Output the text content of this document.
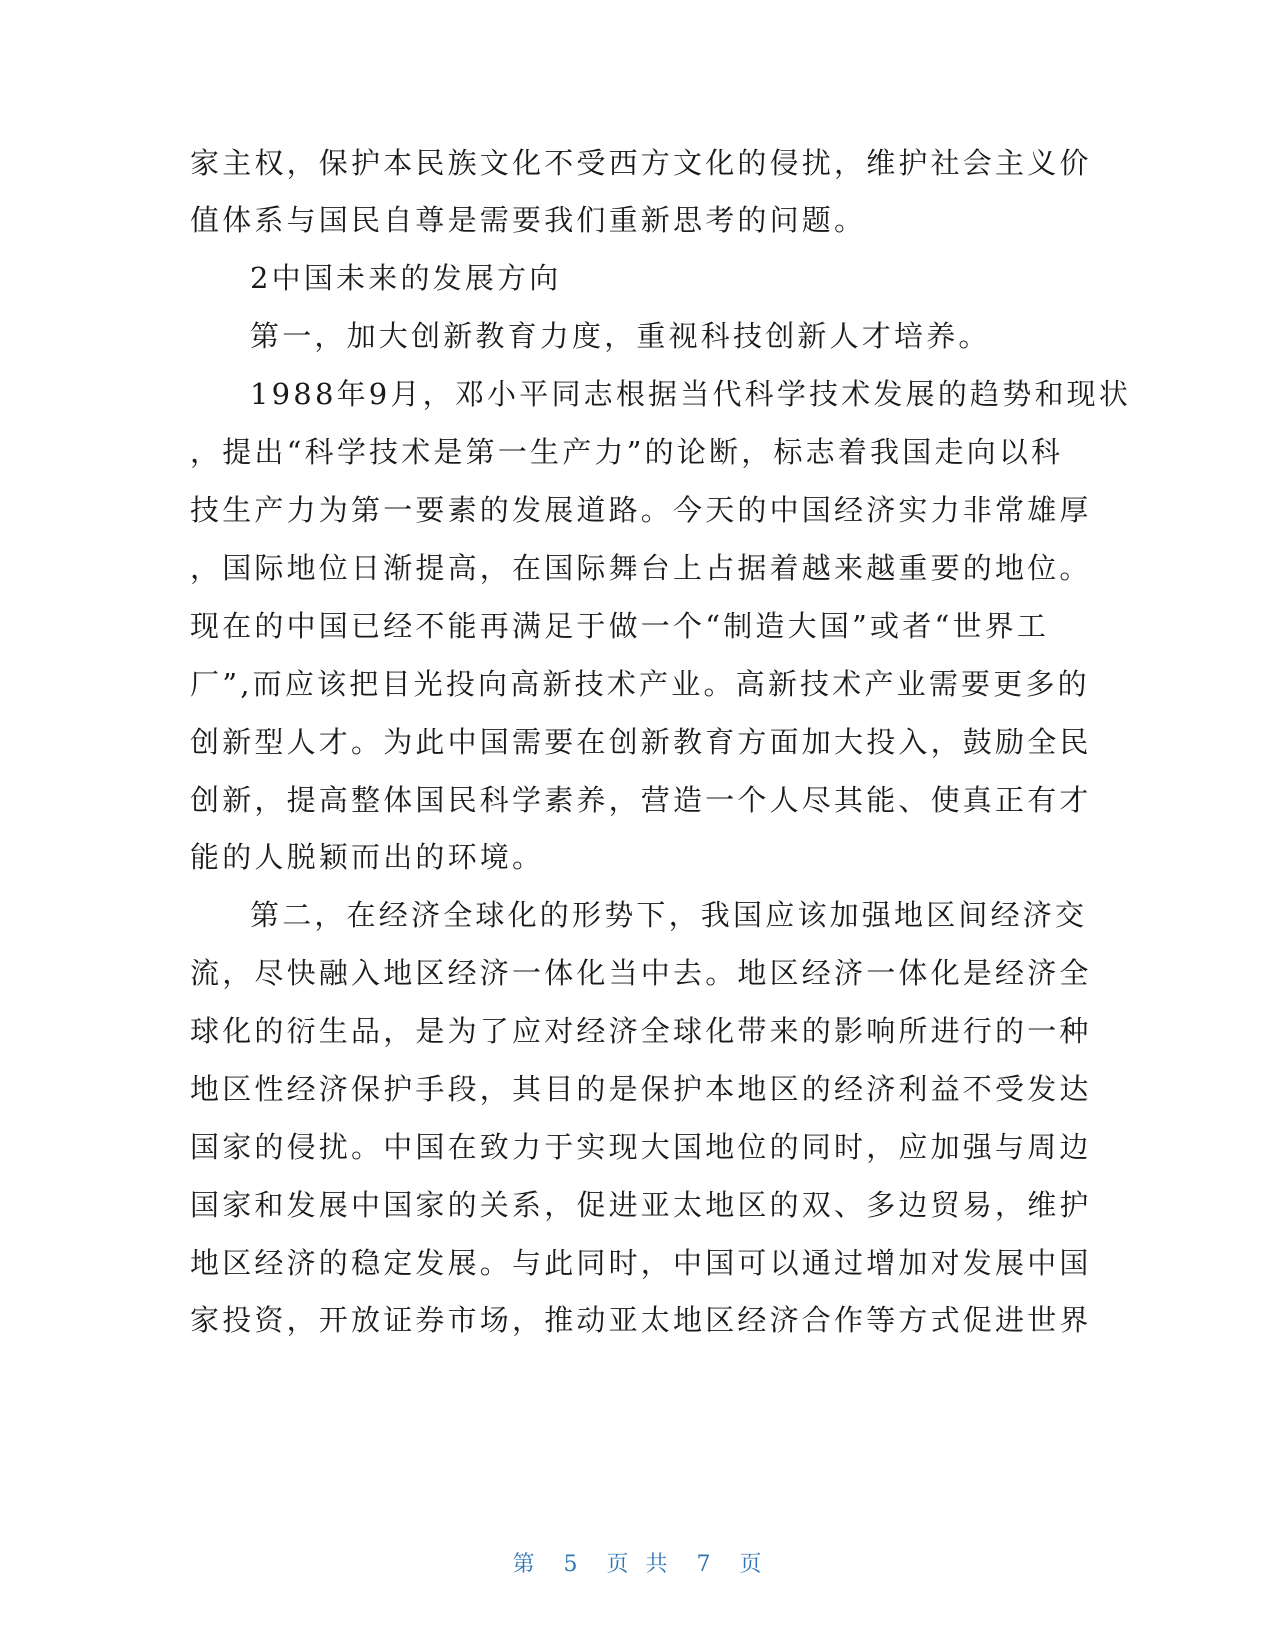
家主权，保护本民族文化不受西方文化的侵扰，维护社会主义价
值体系与国民自尊是需要我们重新思考的问题。
2中国未来的发展方向
第一，加大创新教育力度，重视科技创新人才培养。
1988年9月，邓小平同志根据当代科学技术发展的趋势和现状
，提出“科学技术是第一生产力”的论断，标志着我国走向以科
技生产力为第一要素的发展道路。今天的中国经济实力非常雄厚
，国际地位日渐提高，在国际舞台上占据着越来越重要的地位。
现在的中国已经不能再满足于做一个“制造大国”或者“世界工
厂”,而应该把目光投向高新技术产业。高新技术产业需要更多的
创新型人才。为此中国需要在创新教育方面加大投入，鼓励全民
创新，提高整体国民科学素养，营造一个人尽其能、使真正有才
能的人脱颖而出的环境。
第二，在经济全球化的形势下，我国应该加强地区间经济交
流，尽快融入地区经济一体化当中去。地区经济一体化是经济全
球化的衍生品，是为了应对经济全球化带来的影响所进行的一种
地区性经济保护手段，其目的是保护本地区的经济利益不受发达
国家的侵扰。中国在致力于实现大国地位的同时，应加强与周边
国家和发展中国家的关系，促进亚太地区的双、多边贸易，维护
地区经济的稳定发展。与此同时，中国可以通过增加对发展中国
家投资，开放证券市场，推动亚太地区经济合作等方式促进世界
第 5 页  共 7 页
